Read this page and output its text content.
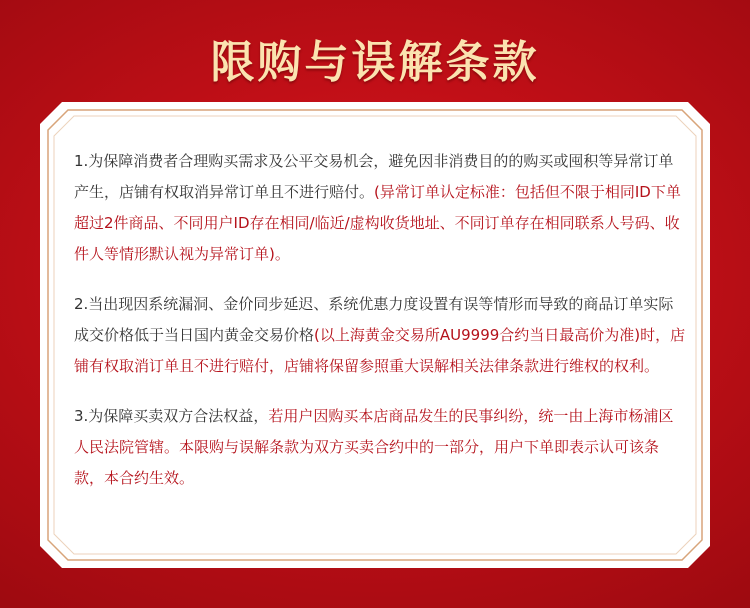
限购与误解条款

1.为保障消费者合理购买需求及公平交易机会，避免因非消费目的的购买或囤积等异常订单产生，店铺有权取消异常订单且不进行赔付。(异常订单认定标准：包括但不限于相同ID下单超过2件商品、不同用户ID存在相同/临近/虚构收货地址、不同订单存在相同联系人号码、收件人等情形默认视为异常订单)。

2.当出现因系统漏洞、金价同步延迟、系统优惠力度设置有误等情形而导致的商品订单实际成交价格低于当日国内黄金交易价格(以上海黄金交易所AU9999合约当日最高价为准)时，店铺有权取消订单且不进行赔付，店铺将保留参照重大误解相关法律条款进行维权的权利。

3.为保障买卖双方合法权益，若用户因购买本店商品发生的民事纠纷，统一由上海市杨浦区人民法院管辖。本限购与误解条款为双方买卖合约中的一部分，用户下单即表示认可该条款，本合约生效。
